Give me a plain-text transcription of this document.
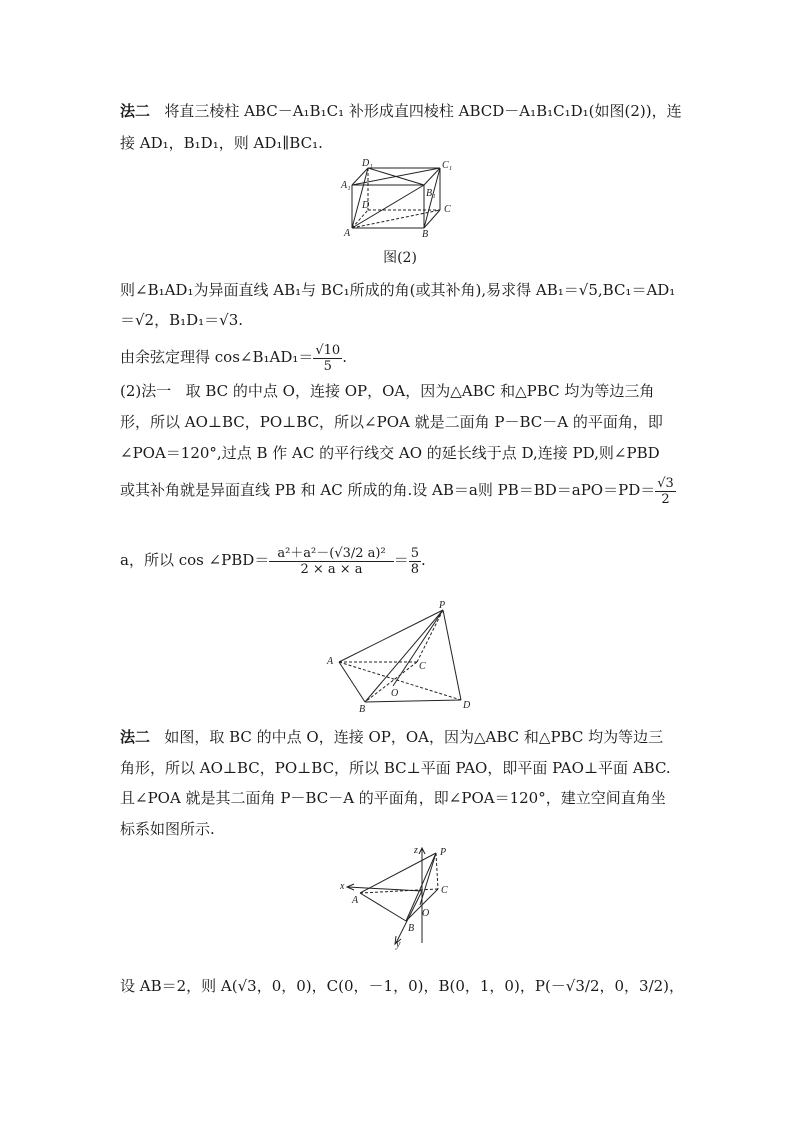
法二 将直三棱柱 ABC－A₁B₁C₁ 补形成直四棱柱 ABCD－A₁B₁C₁D₁(如图(2))，连
接 AD₁，B₁D₁，则 AD₁∥BC₁.
D₁	C₁
A₁
B₁
D	C
A	B
图(2)
则∠B₁AD₁为异面直线 AB₁与 BC₁所成的角(或其补角),易求得 AB₁＝√5,BC₁＝AD₁
＝√2，B₁D₁＝√3.
由余弦定理得 cos∠B₁AD₁＝ $\frac{√10}{5}$ .
(2)法一 取 BC 的中点 O，连接 OP，OA，因为△ABC 和△PBC 均为等边三角
形，所以 AO⊥BC，PO⊥BC，所以∠POA 就是二面角 P－BC－A 的平面角，即
∠POA＝120°,过点 B 作 AC 的平行线交 AO 的延长线于点 D,连接 PD,则∠PBD
或其补角就是异面直线 PB 和 AC 所成的角.设 AB＝a则 $PB=BD=aPO=PD= \frac{√3}{2}$
a，所以 cos ∠PBD＝ $\frac{\text{a²＋a²－(√3/2 a)²}}{2 \times a \times a} = \frac{5}{8}$ .
P
A	C
O
B	D
法二 如图，取 BC 的中点 O，连接 OP，OA，因为△ABC 和△PBC 均为等边三
角形，所以 AO⊥BC，PO⊥BC，所以 BC⊥平面 PAO，即平面 PAO⊥平面 ABC.
且∠POA 就是其二面角 P－BC－A 的平面角，即∠POA＝120°，建立空间直角坐
标系如图所示.
z P
x
A
C
O
B
y
设 AB＝2，则 A(√3，0，0)，C(0，－1，0)，B(0，1，0)，P(－√3/2，0，3/2)，
